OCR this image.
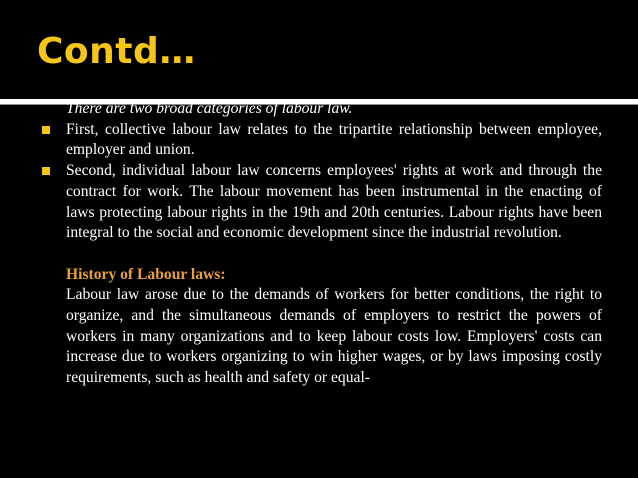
Contd…

There are two broad categories of labour law.

First, collective labour law relates to the tripartite relationship between employee, employer and union.

Second, individual labour law concerns employees' rights at work and through the contract for work. The labour movement has been instrumental in the enacting of laws protecting labour rights in the 19th and 20th centuries. Labour rights have been integral to the social and economic development since the industrial revolution.

History of Labour laws:

Labour law arose due to the demands of workers for better conditions, the right to organize, and the simultaneous demands of employers to restrict the powers of workers in many organizations and to keep labour costs low. Employers' costs can increase due to workers organizing to win higher wages, or by laws imposing costly requirements, such as health and safety or equal-
